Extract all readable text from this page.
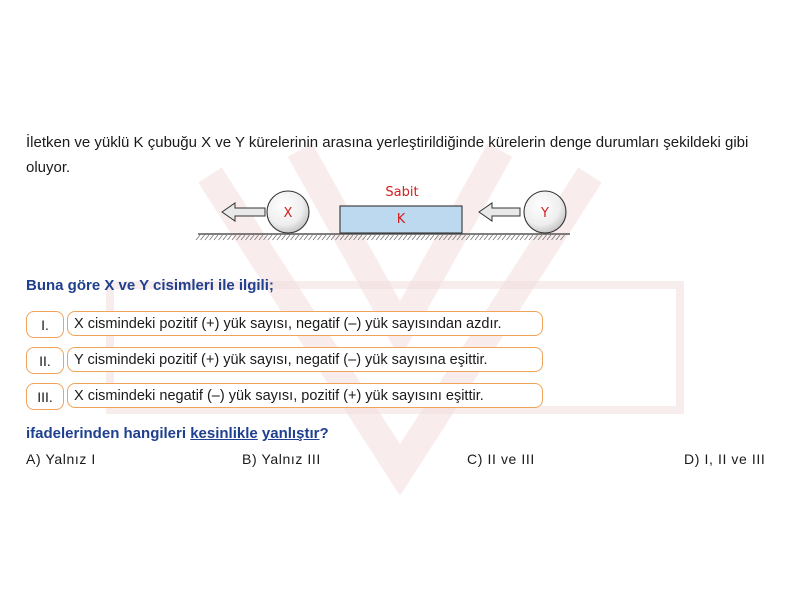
İletken ve yüklü K çubuğu X ve Y kürelerinin arasına yerleştirildiğinde kürelerin denge durumları şekildeki gibi oluyor.
X
Sabit
K	Y
Buna göre X ve Y cisimleri ile ilgili;
I.	X cismindeki pozitif (+) yük sayısı, negatif (–) yük sayısından azdır.
II.	Y cismindeki pozitif (+) yük sayısı, negatif (–) yük sayısına eşittir.
III.	X cismindeki negatif (–) yük sayısı, pozitif (+) yük sayısını eşittir.
ifadelerinden hangileri kesinlikle yanlıştır?
A) Yalnız I	B) Yalnız III	C) II ve III	D) I, II ve III
